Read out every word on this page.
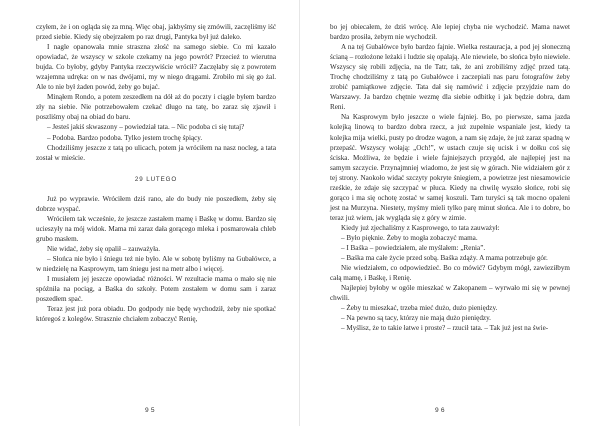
czyłem, że i on ogląda się za mną. Więc obaj, jakbyśmy się zmówili, zaczęliśmy iść przed siebie. Kiedy się obejrzałem po raz drugi, Pantyka był już daleko.

I nagle opanowała mnie straszna złość na samego siebie. Co mi kazało opowiadać, że wszyscy w szkole czekamy na jego powrót? Przecież to wierutna bujda. Co byłoby, gdyby Pantyka rzeczywiście wrócił? Zaczęłaby się z powrotem wzajemna udręka: on w nas dwójami, my w niego drągami. Zrobiło mi się go żal. Ale to nie był żaden powód, żeby go bujać.

Minąłem Rondo, a potem zeszedłem na dół aż do poczty i ciągle byłem bardzo zły na siebie. Nie potrzebowałem czekać długo na tatę, bo zaraz się zjawił i poszliśmy obaj na obiad do baru.

– Jesteś jakiś skwaszony – powiedział tata. – Nic podoba ci się tutaj?

– Podoba. Bardzo podoba. Tylko jestem trochę śpiący.

Chodziliśmy jeszcze z tatą po ulicach, potem ja wróciłem na nasz nocleg, a tata został w mieście.

29 LUTEGO

Już po wyprawie. Wróciłem dziś rano, ale do budy nie poszedłem, żeby się dobrze wyspać.

Wróciłem tak wcześnie, że jeszcze zastałem mamę i Baśkę w domu. Bardzo się ucieszyły na mój widok. Mama mi zaraz dała gorącego mleka i posmarowała chleb grubo masłem.

Nie widać, żeby się opalił – zauważyła.

– Słońca nie było i śniegu też nie było. Ale w sobotę byliśmy na Gubałówce, a w niedzielę na Kasprowym, tam śniegu jest na metr albo i więcej.

I musiałem jej jeszcze opowiadać różności. W rezultacie mama o mało się nie spóźniła na pociąg, a Baśka do szkoły. Potem zostałem w domu sam i zaraz poszedłem spać.

Teraz jest już pora obiadu. Do godpody nie będę wychodził, żeby nie spotkać któregoś z kolegów. Strasznie chciałem zobaczyć Renię,

95

bo jej obiecałem, że dziś wrócę. Ale lepiej chyba nie wychodzić. Mama nawet bardzo prosiła, żebym nie wychodził.

A na tej Gubałówce było bardzo fajnie. Wielka restauracja, a pod jej słoneczną ścianą – rozłożone leżaki i ludzie się opalają. Ale niewiele, bo słońca było niewiele. Wszyscy się robili zdjęcia, na tle Tatr, tak, że ani zrobiliśmy zdjęć przed tatą. Trochę chodziliśmy z tatą po Gubałówce i zaczepiali nas paru fotografów żeby zrobić pamiątkowe zdjęcie. Tata dał się namówić i zdjęcie przyjdzie nam do Warszawy. Ja bardzo chętnie wezmę dla siebie odbitkę i jak będzie dobra, dam Reni.

Na Kasprowym było jeszcze o wiele fajniej. Bo, po pierwsze, sama jazda kolejką linową to bardzo dobra rzecz, a już zupełnie wspaniale jest, kiedy ta kolejka mija wielki, pusty po drodze wagon, a nam się zdaje, że już zaraz spadną w przepaść. Wszyscy wołają: „Och!”, w ustach czuje się ucisk i w dołku coś się ściska. Możliwa, że będzie i wiele fajniejszych przygód, ale najlepiej jest na samym szczycie. Przynajmniej wiadomo, że jest się w górach. Nie widziałem gór z tej strony. Naokoło widać szczyty pokryte śniegiem, a powietrze jest niesamowicie rześkie, że zdaje się szczypać w płuca. Kiedy na chwilę wyszło słońce, robi się gorąco i ma się ochotę zostać w samej koszuli. Tam turyści są tak mocno opaleni jest na Murzyna. Niestety, myśmy mieli tylko parę minut słońca. Ale i to dobre, bo teraz już wiem, jak wygląda się z góry w zimie.

Kiedy już zjechaliśmy z Kasprowego, to tata zauważył:

– Było pięknie. Żeby to mogła zobaczyć mama.

– I Baśka – powiedziałem, ale myślałem: „Renia”.

– Baśka ma całe życie przed sobą. Baśka zdąży. A mama potrzebuje gór.

Nie wiedziałem, co odpowiedzieć. Bo co mówić? Gdybym mógł, zawieziłbym całą mamę, i Baśkę, i Renię.

Najlepiej byłoby w ogóle mieszkać w Zakopanem – wyrwało mi się w pewnej chwili.

– Żeby tu mieszkać, trzeba mieć dużo, dużo pieniędzy.

– Na pewno są tacy, którzy nie mają dużo pieniędzy.

– Myślisz, że to takie łatwe i proste? – rzucił tata. – Tak już jest na świe-

96
